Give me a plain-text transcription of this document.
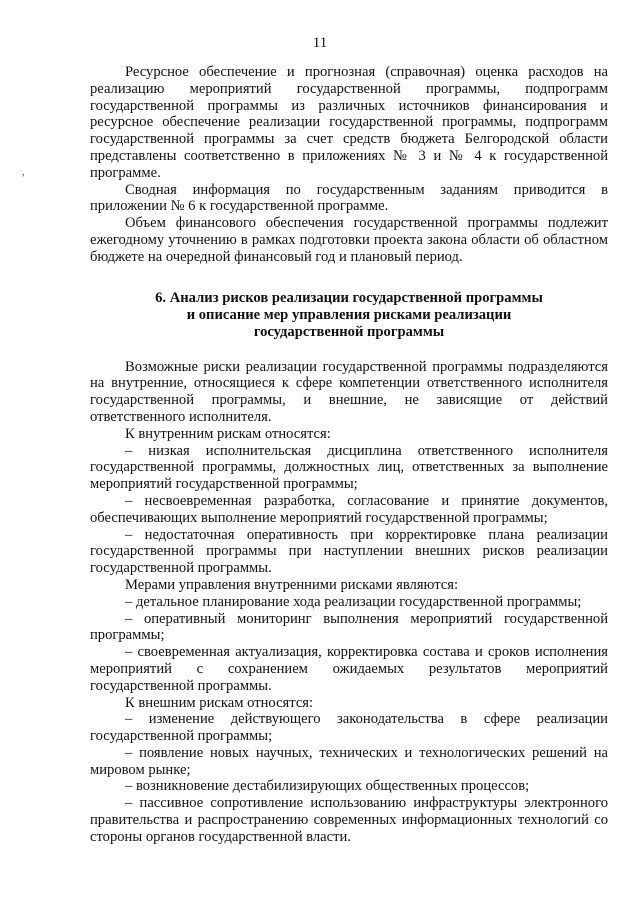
11
,

Ресурсное обеспечение и прогнозная (справочная) оценка расходов на реализацию мероприятий государственной программы, подпрограмм государственной программы из различных источников финансирования и ресурсное обеспечение реализации государственной программы, подпрограмм государственной программы за счет средств бюджета Белгородской области представлены соответственно в приложениях № 3 и № 4 к государственной программе.

Сводная информация по государственным заданиям приводится в приложении № 6 к государственной программе.

Объем финансового обеспечения государственной программы подлежит ежегодному уточнению в рамках подготовки проекта закона области об областном бюджете на очередной финансовый год и плановый период.

6. Анализ рисков реализации государственной программы
и описание мер управления рисками реализации
государственной программы

Возможные риски реализации государственной программы подразделяются на внутренние, относящиеся к сфере компетенции ответственного исполнителя государственной программы, и внешние, не зависящие от действий ответственного исполнителя.

К внутренним рискам относятся:

– низкая исполнительская дисциплина ответственного исполнителя государственной программы, должностных лиц, ответственных за выполнение мероприятий государственной программы;

– несвоевременная разработка, согласование и принятие документов, обеспечивающих выполнение мероприятий государственной программы;

– недостаточная оперативность при корректировке плана реализации государственной программы при наступлении внешних рисков реализации государственной программы.

Мерами управления внутренними рисками являются:

– детальное планирование хода реализации государственной программы;

– оперативный мониторинг выполнения мероприятий государственной программы;

– своевременная актуализация, корректировка состава и сроков исполнения мероприятий с сохранением ожидаемых результатов мероприятий государственной программы.

К внешним рискам относятся:

– изменение действующего законодательства в сфере реализации государственной программы;

– появление новых научных, технических и технологических решений на мировом рынке;

– возникновение дестабилизирующих общественных процессов;

– пассивное сопротивление использованию инфраструктуры электронного правительства и распространению современных информационных технологий со стороны органов государственной власти.
